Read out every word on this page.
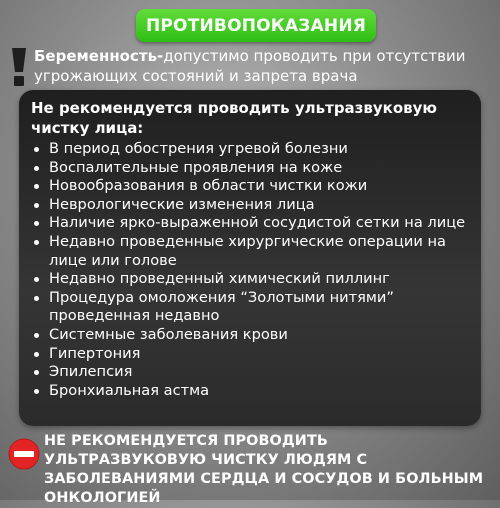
ПРОТИВОПОКАЗАНИЯ
Беременность-допустимо проводить при отсутствии угрожающих состояний и запрета врача
Не рекомендуется проводить ультразвуковую чистку лица:
В период обострения угревой болезни
Воспалительные проявления на коже
Новообразования в области чистки кожи
Неврологические изменения лица
Наличие ярко-выраженной сосудистой сетки на лице
Недавно проведенные хирургические операции на лице или голове
Недавно проведенный химический пиллинг
Процедура омоложения “Золотыми нитями” проведенная недавно
Системные заболевания крови
Гипертония
Эпилепсия
Бронхиальная астма
НЕ РЕКОМЕНДУЕТСЯ ПРОВОДИТЬ УЛЬТРАЗВУКОВУЮ ЧИСТКУ ЛЮДЯМ С ЗАБОЛЕВАНИЯМИ СЕРДЦА И СОСУДОВ И БОЛЬНЫМ ОНКОЛОГИЕЙ
